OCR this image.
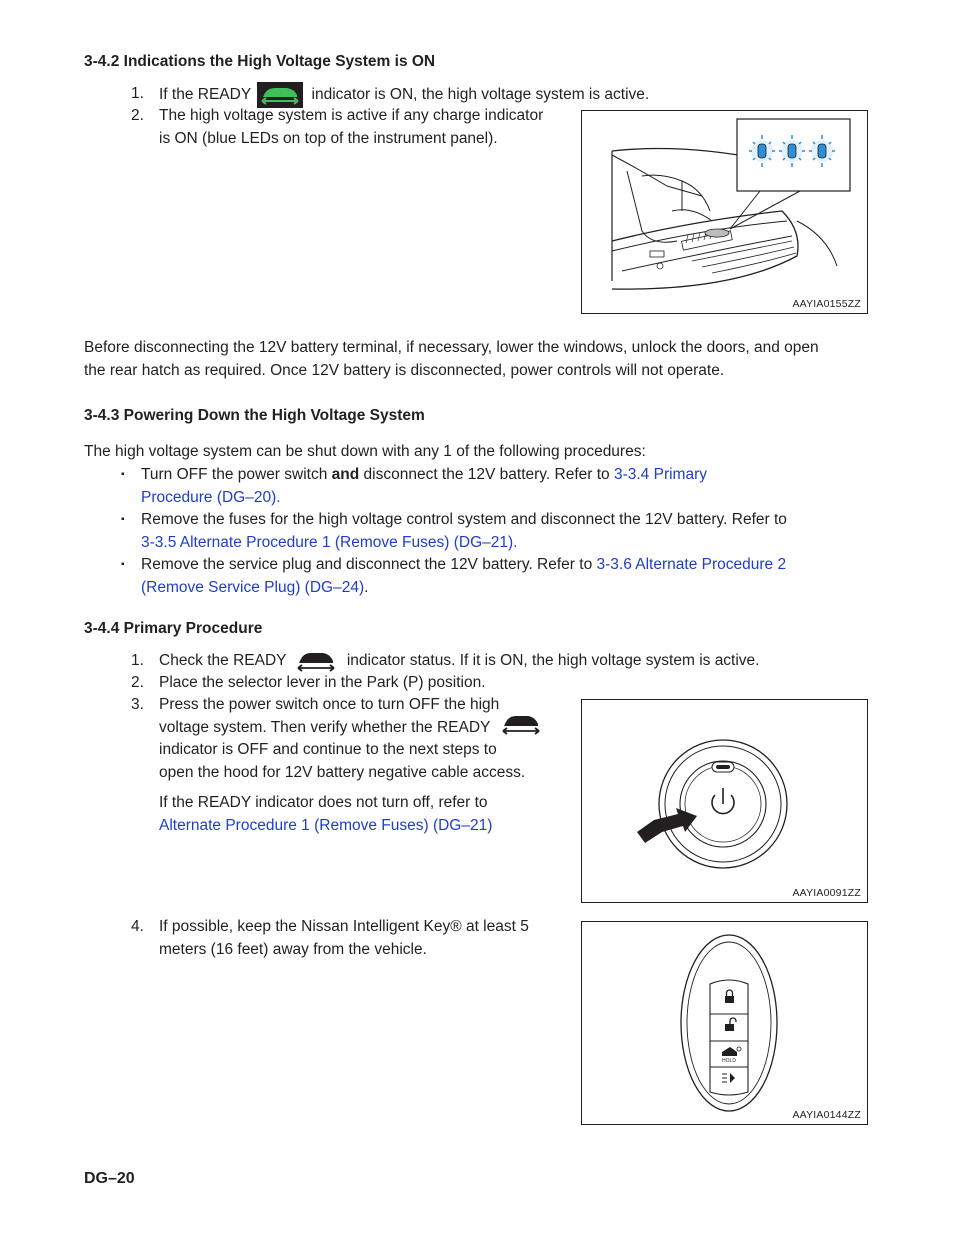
3-4.2 Indications the High Voltage System is ON
1. If the READY	indicator is ON, the high voltage system is active.
2. The high voltage system is active if any charge indicator
is ON (blue LEDs on top of the instrument panel).
AAYIA0155ZZ
Before disconnecting the 12V battery terminal, if necessary, lower the windows, unlock the doors, and open
the rear hatch as required. Once 12V battery is disconnected, power controls will not operate.
3-4.3 Powering Down the High Voltage System
The high voltage system can be shut down with any 1 of the following procedures:
▪ Turn OFF the power switch and disconnect the 12V battery. Refer to 3-3.4 Primary
Procedure (DG–20).
▪ Remove the fuses for the high voltage control system and disconnect the 12V battery. Refer to
3-3.5 Alternate Procedure 1 (Remove Fuses) (DG–21).
▪ Remove the service plug and disconnect the 12V battery. Refer to 3-3.6 Alternate Procedure 2
(Remove Service Plug) (DG–24).
3-4.4 Primary Procedure
1. Check the READY	indicator status. If it is ON, the high voltage system is active.
2. Place the selector lever in the Park (P) position.
3. Press the power switch once to turn OFF the high
voltage system. Then verify whether the READY
indicator is OFF and continue to the next steps to
open the hood for 12V battery negative cable access.
If the READY indicator does not turn off, refer to
Alternate Procedure 1 (Remove Fuses) (DG–21)
AAYIA0091ZZ
4. If possible, keep the Nissan Intelligent Key® at least 5
meters (16 feet) away from the vehicle.
HOLD
AAYIA0144ZZ
DG–20
